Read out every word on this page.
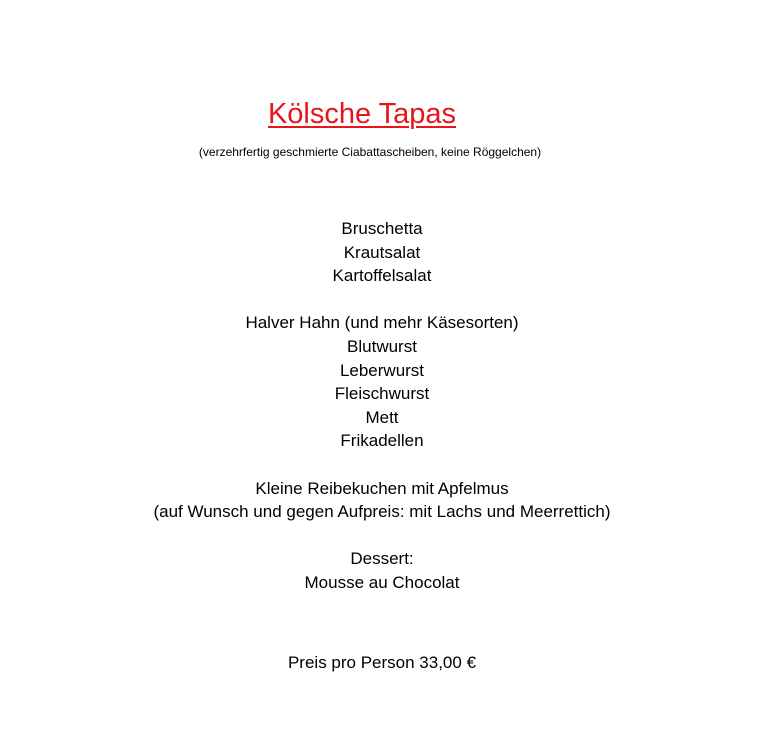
Kölsche Tapas
(verzehrfertig geschmierte Ciabattascheiben, keine Röggelchen)
Bruschetta
Krautsalat
Kartoffelsalat
Halver Hahn (und mehr Käsesorten)
Blutwurst
Leberwurst
Fleischwurst
Mett
Frikadellen
Kleine Reibekuchen mit Apfelmus
(auf Wunsch und gegen Aufpreis: mit Lachs und Meerrettich)
Dessert:
Mousse au Chocolat
Preis pro Person 33,00 €
